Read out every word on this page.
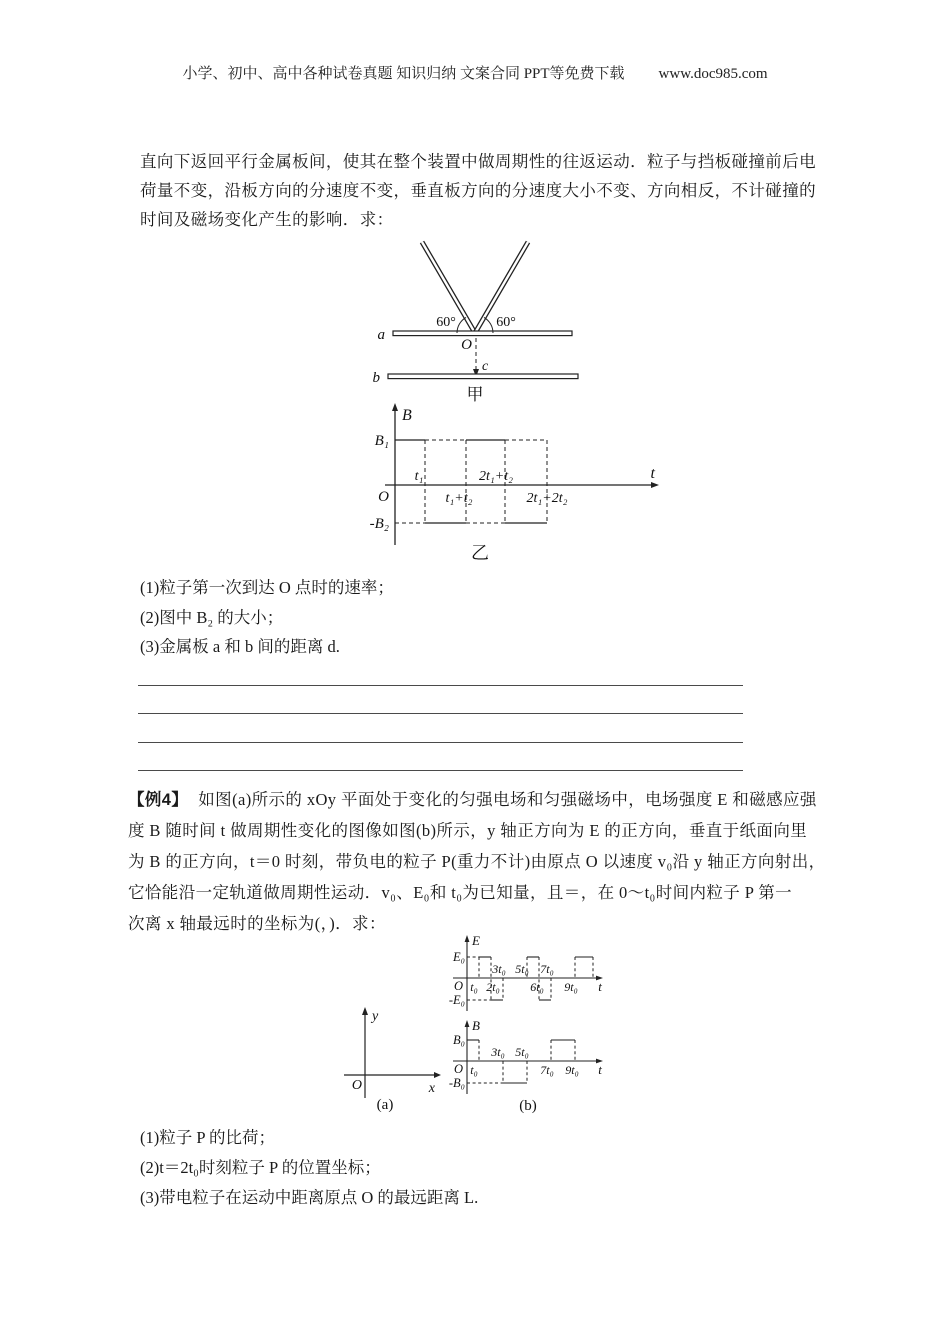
小学、初中、高中各种试卷真题 知识归纳 文案合同 PPT等免费下载 www.doc985.com
直向下返回平行金属板间，使其在整个装置中做周期性的往返运动．粒子与挡板碰撞前后电
荷量不变，沿板方向的分速度不变，垂直板方向的分速度大小不变、方向相反，不计碰撞的
时间及磁场变化产生的影响．求：
60°	60°
a
O
c
b
甲
B
t
O
B₁
-B₂
t₁
t₁+t₂
2t₁+t₂
2t₁+2t₂
乙
(1)粒子第一次到达 O 点时的速率；
(2)图中 B₂ 的大小；
(3)金属板 a 和 b 间的距离 d.
【例4】 如图(a)所示的 xOy 平面处于变化的匀强电场和匀强磁场中，电场强度 E 和磁感应强
度 B 随时间 t 做周期性变化的图像如图(b)所示，y 轴正方向为 E 的正方向，垂直于纸面向里
为 B 的正方向，t＝0 时刻，带负电的粒子 P(重力不计)由原点 O 以速度 v₀沿 y 轴正方向射出，
它恰能沿一定轨道做周期性运动．v₀、E₀和 t₀为已知量，且＝，在 0～t₀时间内粒子 P 第一
次离 x 轴最远时的坐标为(，)．求：
y
x
O
(a)
E
E₀
-E₀
O t₀ 2t₀
3t₀ 5t₀
6t₀
7t₀
9t₀ t
B
B₀
-B₀
O t₀
3t₀ 5t₀
7t₀ 9t₀ t
(b)
(1)粒子 P 的比荷；
(2)t＝2t₀时刻粒子 P 的位置坐标；
(3)带电粒子在运动中距离原点 O 的最远距离 L.
